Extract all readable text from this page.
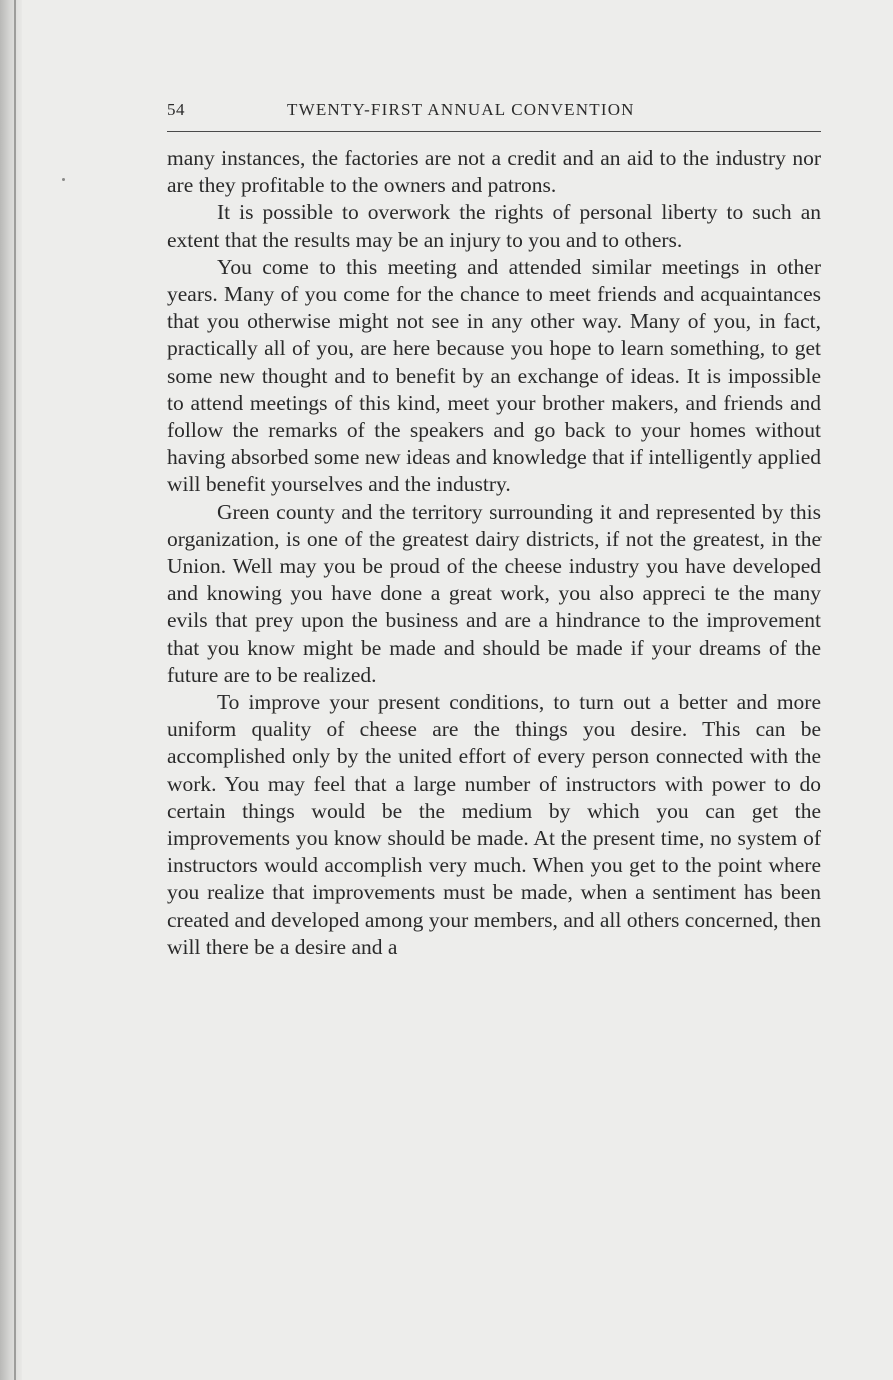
54	TWENTY-FIRST ANNUAL CONVENTION

many instances, the factories are not a credit and an aid to the industry nor are they profitable to the owners and patrons.

It is possible to overwork the rights of personal liberty to such an extent that the results may be an injury to you and to others.

You come to this meeting and attended similar meetings in other years. Many of you come for the chance to meet friends and acquaintances that you otherwise might not see in any other way. Many of you, in fact, practically all of you, are here because you hope to learn something, to get some new thought and to benefit by an exchange of ideas. It is impossible to attend meetings of this kind, meet your brother makers, and friends and follow the remarks of the speakers and go back to your homes without having absorbed some new ideas and knowledge that if intelligently applied will benefit yourselves and the industry.

Green county and the territory surrounding it and represented by this organization, is one of the greatest dairy districts, if not the greatest, in the Union. Well may you be proud of the cheese industry you have developed and knowing you have done a great work, you also appreci te the many evils that prey upon the business and are a hindrance to the improvement that you know might be made and should be made if your dreams of the future are to be realized.

To improve your present conditions, to turn out a better and more uniform quality of cheese are the things you desire. This can be accomplished only by the united effort of every person connected with the work. You may feel that a large number of instructors with power to do certain things would be the medium by which you can get the improvements you know should be made. At the present time, no system of instructors would accomplish very much. When you get to the point where you realize that improvements must be made, when a sentiment has been created and developed among your members, and all others concerned, then will there be a desire and a
